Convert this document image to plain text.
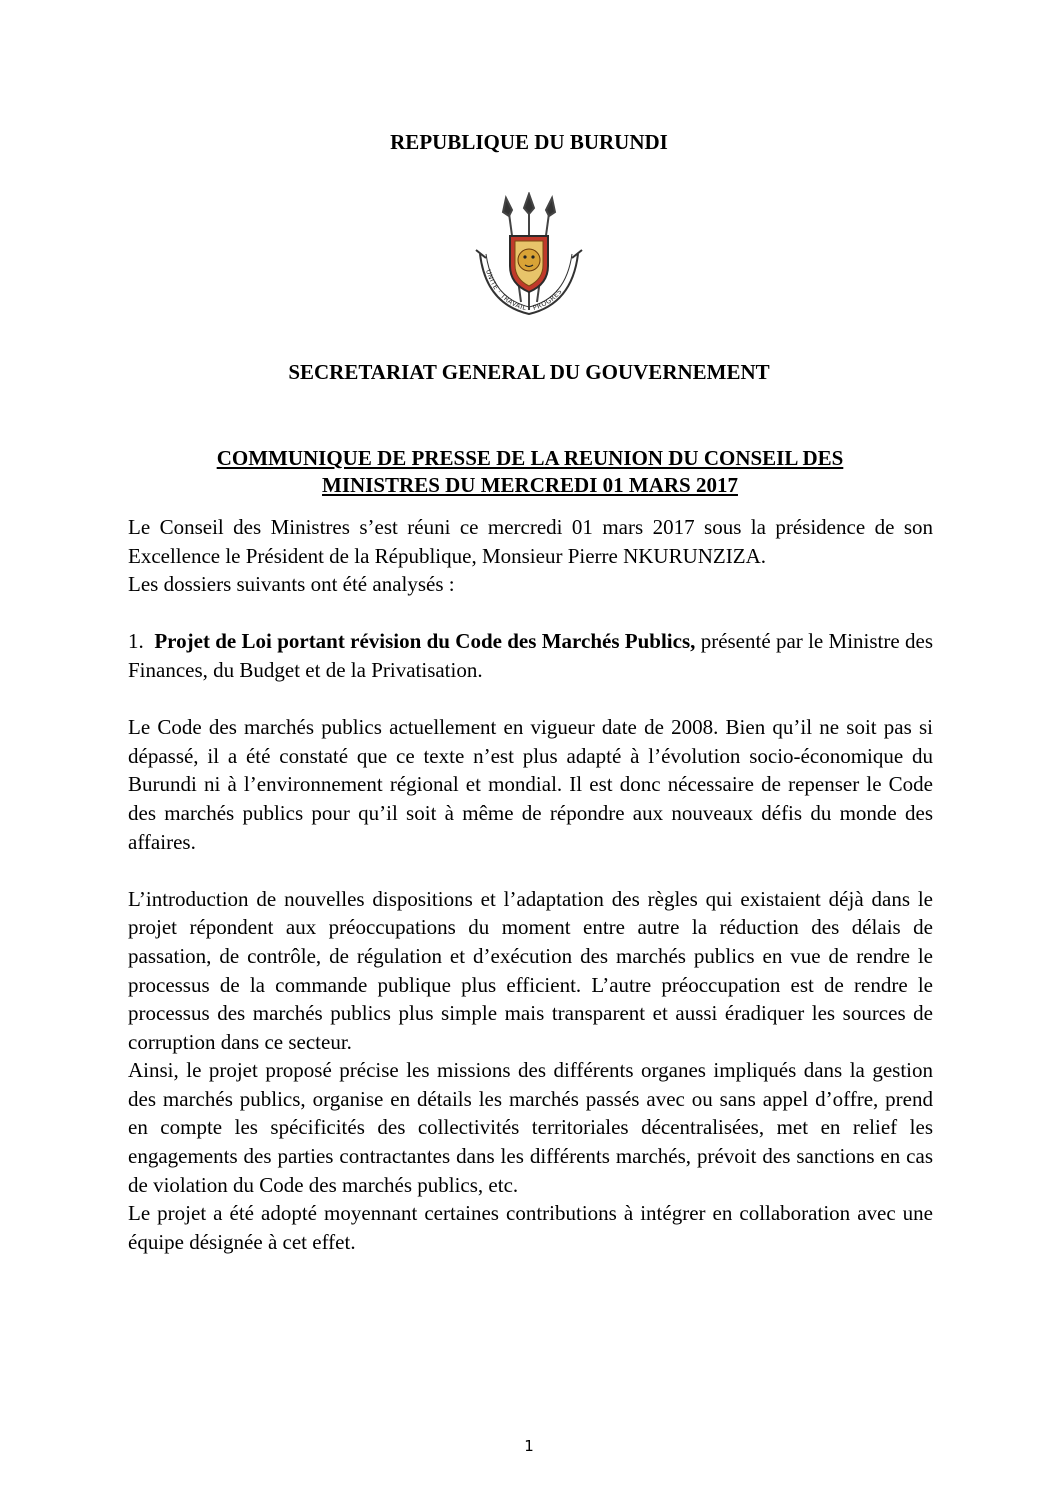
REPUBLIQUE DU BURUNDI
UNITE · TRAVAIL · PROGRES
SECRETARIAT GENERAL DU GOUVERNEMENT
COMMUNIQUE DE PRESSE DE LA REUNION DU CONSEIL DES
MINISTRES DU MERCREDI 01 MARS 2017

Le Conseil des Ministres s’est réuni ce mercredi 01 mars 2017 sous la présidence de son Excellence le Président de la République, Monsieur Pierre NKURUNZIZA.

Les dossiers suivants ont été analysés :

1. Projet de Loi portant révision du Code des Marchés Publics, présenté par le Ministre des Finances, du Budget et de la Privatisation.

Le Code des marchés publics actuellement en vigueur date de 2008. Bien qu’il ne soit pas si dépassé, il a été constaté que ce texte n’est plus adapté à l’évolution socio-économique du Burundi ni à l’environnement régional et mondial. Il est donc nécessaire de repenser le Code des marchés publics pour qu’il soit à même de répondre aux nouveaux défis du monde des affaires.

L’introduction de nouvelles dispositions et l’adaptation des règles qui existaient déjà dans le projet répondent aux préoccupations du moment entre autre la réduction des délais de passation, de contrôle, de régulation et d’exécution des marchés publics en vue de rendre le processus de la commande publique plus efficient. L’autre préoccupation est de rendre le processus des marchés publics plus simple mais transparent et aussi éradiquer les sources de corruption dans ce secteur.

Ainsi, le projet proposé précise les missions des différents organes impliqués dans la gestion des marchés publics, organise en détails les marchés passés avec ou sans appel d’offre, prend en compte les spécificités des collectivités territoriales décentralisées, met en relief les engagements des parties contractantes dans les différents marchés, prévoit des sanctions en cas de violation du Code des marchés publics, etc.

Le projet a été adopté moyennant certaines contributions à intégrer en collaboration avec une équipe désignée à cet effet.

1
